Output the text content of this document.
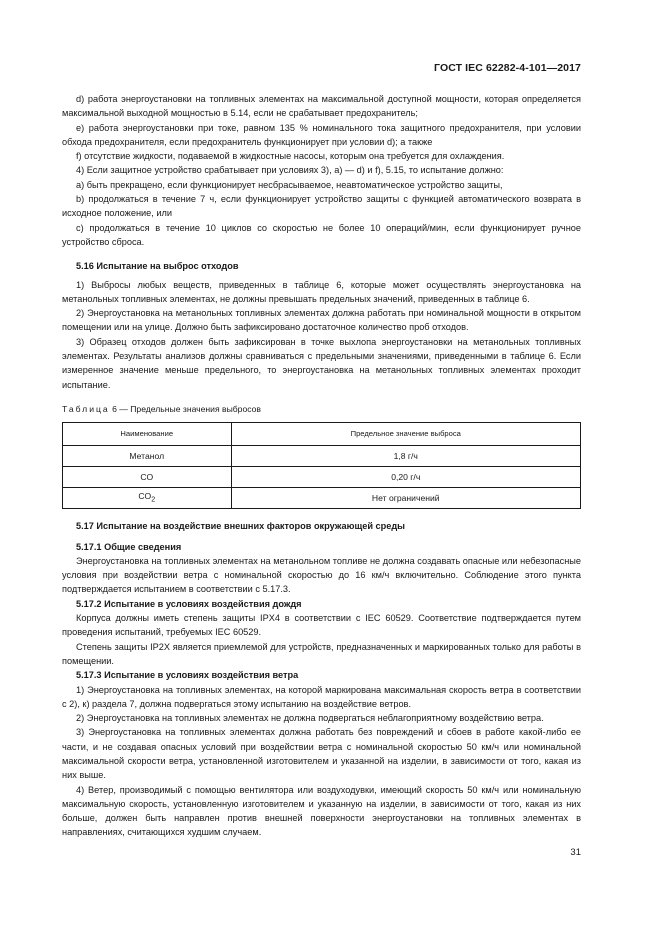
ГОСТ IEC 62282-4-101—2017

d) работа энергоустановки на топливных элементах на максимальной доступной мощности, которая определяется максимальной выходной мощностью в 5.14, если не срабатывает предохранитель;

e) работа энергоустановки при токе, равном 135 % номинального тока защитного предохранителя, при условии обхода предохранителя, если предохранитель функционирует при условии d); а также

f) отсутствие жидкости, подаваемой в жидкостные насосы, которым она требуется для охлаждения.

4) Если защитное устройство срабатывает при условиях 3), а) — d) и f), 5.15, то испытание должно:

a) быть прекращено, если функционирует несбрасываемое, неавтоматическое устройство защиты,

b) продолжаться в течение 7 ч, если функционирует устройство защиты с функцией автоматического возврата в исходное положение, или

c) продолжаться в течение 10 циклов со скоростью не более 10 операций/мин, если функционирует ручное устройство сброса.

5.16 Испытание на выброс отходов

1) Выбросы любых веществ, приведенных в таблице 6, которые может осуществлять энергоустановка на метанольных топливных элементах, не должны превышать предельных значений, приведенных в таблице 6.

2) Энергоустановка на метанольных топливных элементах должна работать при номинальной мощности в открытом помещении или на улице. Должно быть зафиксировано достаточное количество проб отходов.

3) Образец отходов должен быть зафиксирован в точке выхлопа энергоустановки на метанольных топливных элементах. Результаты анализов должны сравниваться с предельными значениями, приведенными в таблице 6. Если измеренное значение меньше предельного, то энергоустановка на метанольных топливных элементах проходит испытание.

Таблица 6 — Предельные значения выбросов

Наименование	Предельное значение выброса
Метанол	1,8 г/ч
CO	0,20 г/ч
$CO_2$	Нет ограничений

5.17 Испытание на воздействие внешних факторов окружающей среды

5.17.1 Общие сведения

Энергоустановка на топливных элементах на метанольном топливе не должна создавать опасные или небезопасные условия при воздействии ветра с номинальной скоростью до 16 км/ч включительно. Соблюдение этого пункта подтверждается испытанием в соответствии с 5.17.3.

5.17.2 Испытание в условиях воздействия дождя

Корпуса должны иметь степень защиты IPX4 в соответствии с IEC 60529. Соответствие подтверждается путем проведения испытаний, требуемых IEC 60529.

Степень защиты IP2X является приемлемой для устройств, предназначенных и маркированных только для работы в помещении.

5.17.3 Испытание в условиях воздействия ветра

1) Энергоустановка на топливных элементах, на которой маркирована максимальная скорость ветра в соответствии с 2), к) раздела 7, должна подвергаться этому испытанию на воздействие ветров.

2) Энергоустановка на топливных элементах не должна подвергаться неблагоприятному воздействию ветра.

3) Энергоустановка на топливных элементах должна работать без повреждений и сбоев в работе какой-либо ее части, и не создавая опасных условий при воздействии ветра с номинальной скоростью 50 км/ч или номинальной максимальной скорости ветра, установленной изготовителем и указанной на изделии, в зависимости от того, какая из них выше.

4) Ветер, производимый с помощью вентилятора или воздуходувки, имеющий скорость 50 км/ч или номинальную максимальную скорость, установленную изготовителем и указанную на изделии, в зависимости от того, какая из них больше, должен быть направлен против внешней поверхности энергоустановки на топливных элементах в направлениях, считающихся худшим случаем.

31
